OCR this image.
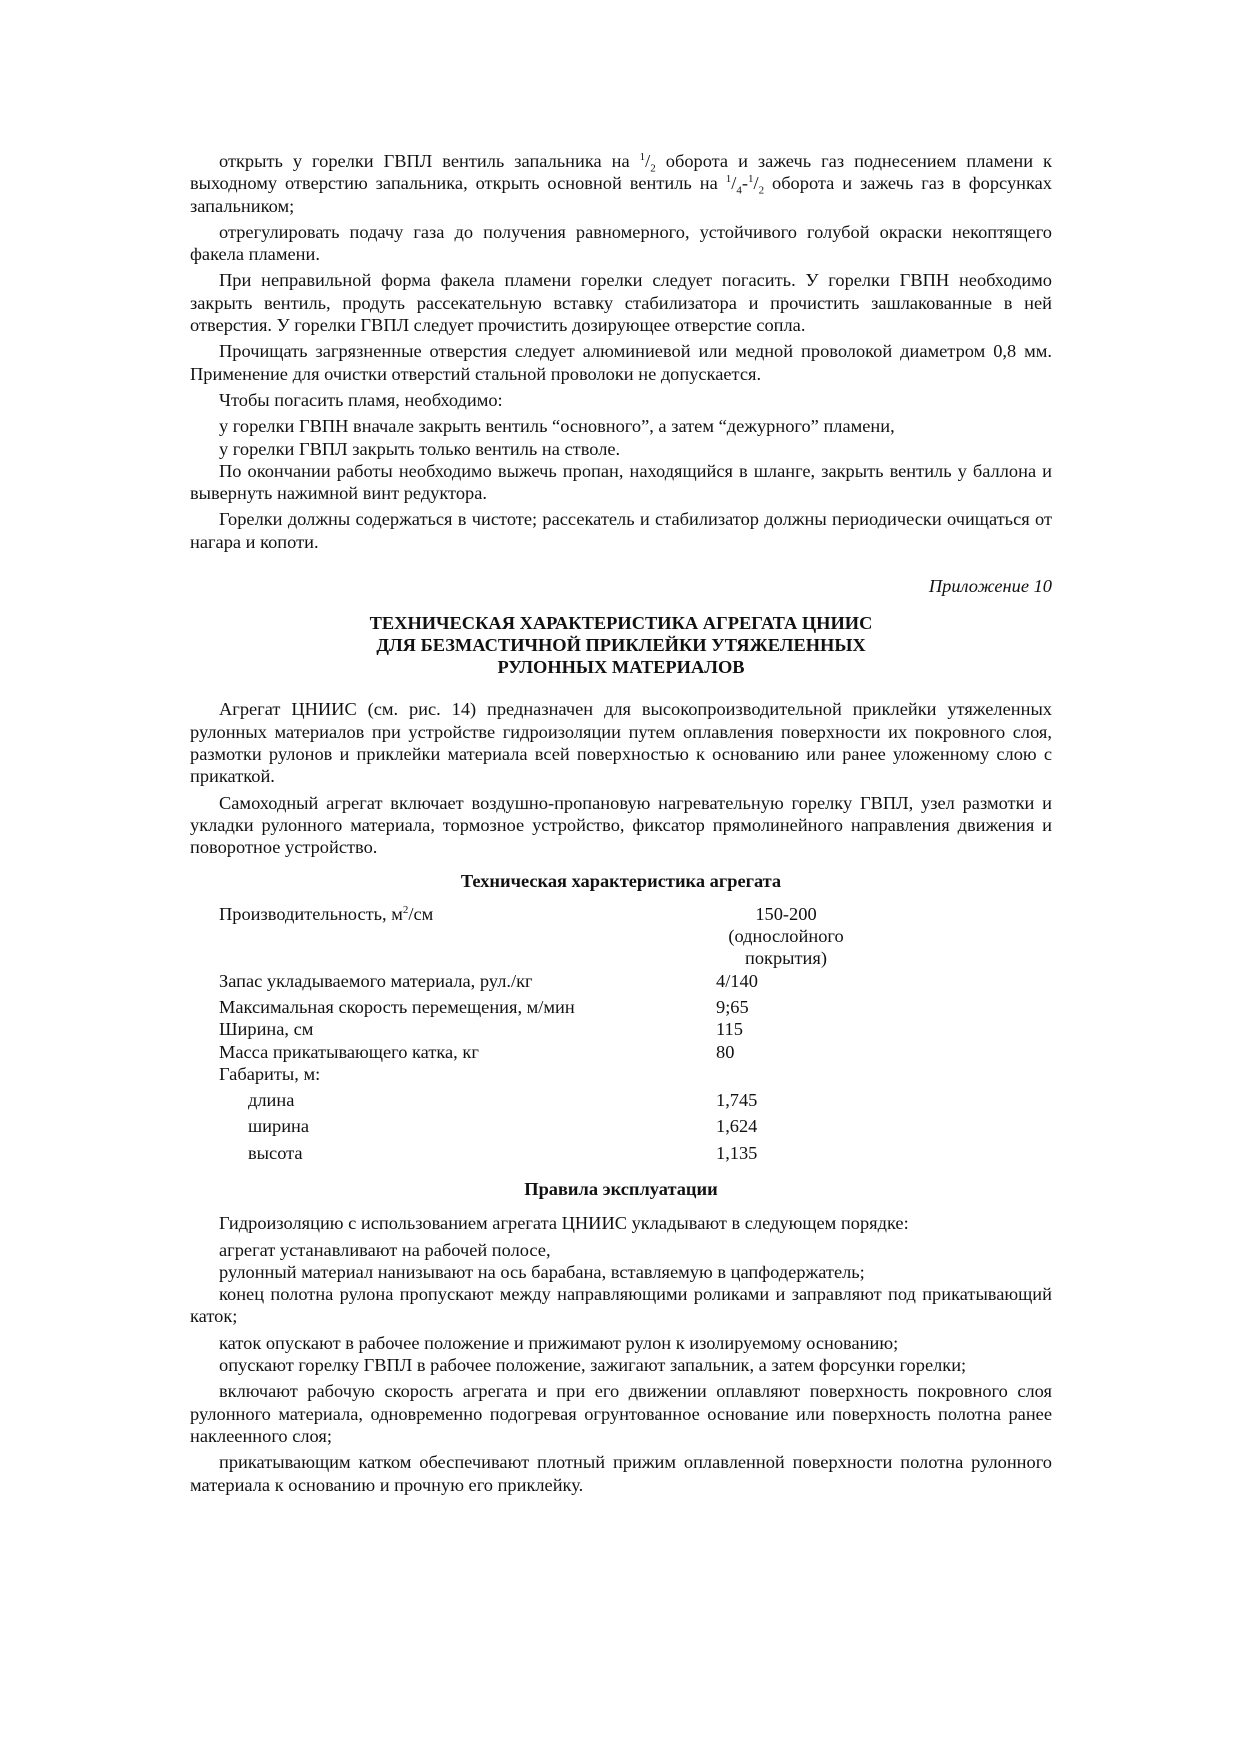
открыть у горелки ГВПЛ вентиль запальника на $^1/_2$ оборота и зажечь газ поднесением пламени к выходному отверстию запальника, открыть основной вентиль на $^1/_4-^1/_2$ оборота и зажечь газ в форсунках запальником;

отрегулировать подачу газа до получения равномерного, устойчивого голубой окраски некоптящего факела пламени.

При неправильной форма факела пламени горелки следует погасить. У горелки ГВПН необходимо закрыть вентиль, продуть рассекательную вставку стабилизатора и прочистить зашлакованные в ней отверстия. У горелки ГВПЛ следует прочистить дозирующее отверстие сопла.

Прочищать загрязненные отверстия следует алюминиевой или медной проволокой диаметром 0,8 мм. Применение для очистки отверстий стальной проволоки не допускается.

Чтобы погасить пламя, необходимо:

у горелки ГВПН вначале закрыть вентиль “основного”, а затем “дежурного” пламени,

у горелки ГВПЛ закрыть только вентиль на стволе.

По окончании работы необходимо выжечь пропан, находящийся в шланге, закрыть вентиль у баллона и вывернуть нажимной винт редуктора.

Горелки должны содержаться в чистоте; рассекатель и стабилизатор должны периодически очищаться от нагара и копоти.

Приложение 10
ТЕХНИЧЕСКАЯ ХАРАКТЕРИСТИКА АГРЕГАТА ЦНИИС
ДЛЯ БЕЗМАСТИЧНОЙ ПРИКЛЕЙКИ УТЯЖЕЛЕННЫХ
РУЛОННЫХ МАТЕРИАЛОВ

Агрегат ЦНИИС (см. рис. 14) предназначен для высокопроизводительной приклейки утяжеленных рулонных материалов при устройстве гидроизоляции путем оплавления поверхности их покровного слоя, размотки рулонов и приклейки материала всей поверхностью к основанию или ранее уложенному слою с прикаткой.

Самоходный агрегат включает воздушно-пропановую нагревательную горелку ГВПЛ, узел размотки и укладки рулонного материала, тормозное устройство, фиксатор прямолинейного направления движения и поворотное устройство.

Техническая характеристика агрегата
Производительность, $м^2/см$	150-200
(однослойного
покрытия)	

Запас укладываемого материала, рул./кг	4/140	
Максимальная скорость перемещения, м/мин	9;65	
Ширина, см	115	
Масса прикатывающего катка, кг	80	
Габариты, м:		
длина	1,745	
ширина	1,624	
высота	1,135	
Правила эксплуатации

Гидроизоляцию с использованием агрегата ЦНИИС укладывают в следующем порядке:

агрегат устанавливают на рабочей полосе,

рулонный материал нанизывают на ось барабана, вставляемую в цапфодержатель;

конец полотна рулона пропускают между направляющими роликами и заправляют под прикатывающий каток;

каток опускают в рабочее положение и прижимают рулон к изолируемому основанию;

опускают горелку ГВПЛ в рабочее положение, зажигают запальник, а затем форсунки горелки;

включают рабочую скорость агрегата и при его движении оплавляют поверхность покровного слоя рулонного материала, одновременно подогревая огрунтованное основание или поверхность полотна ранее наклеенного слоя;

прикатывающим катком обеспечивают плотный прижим оплавленной поверхности полотна рулонного материала к основанию и прочную его приклейку.
